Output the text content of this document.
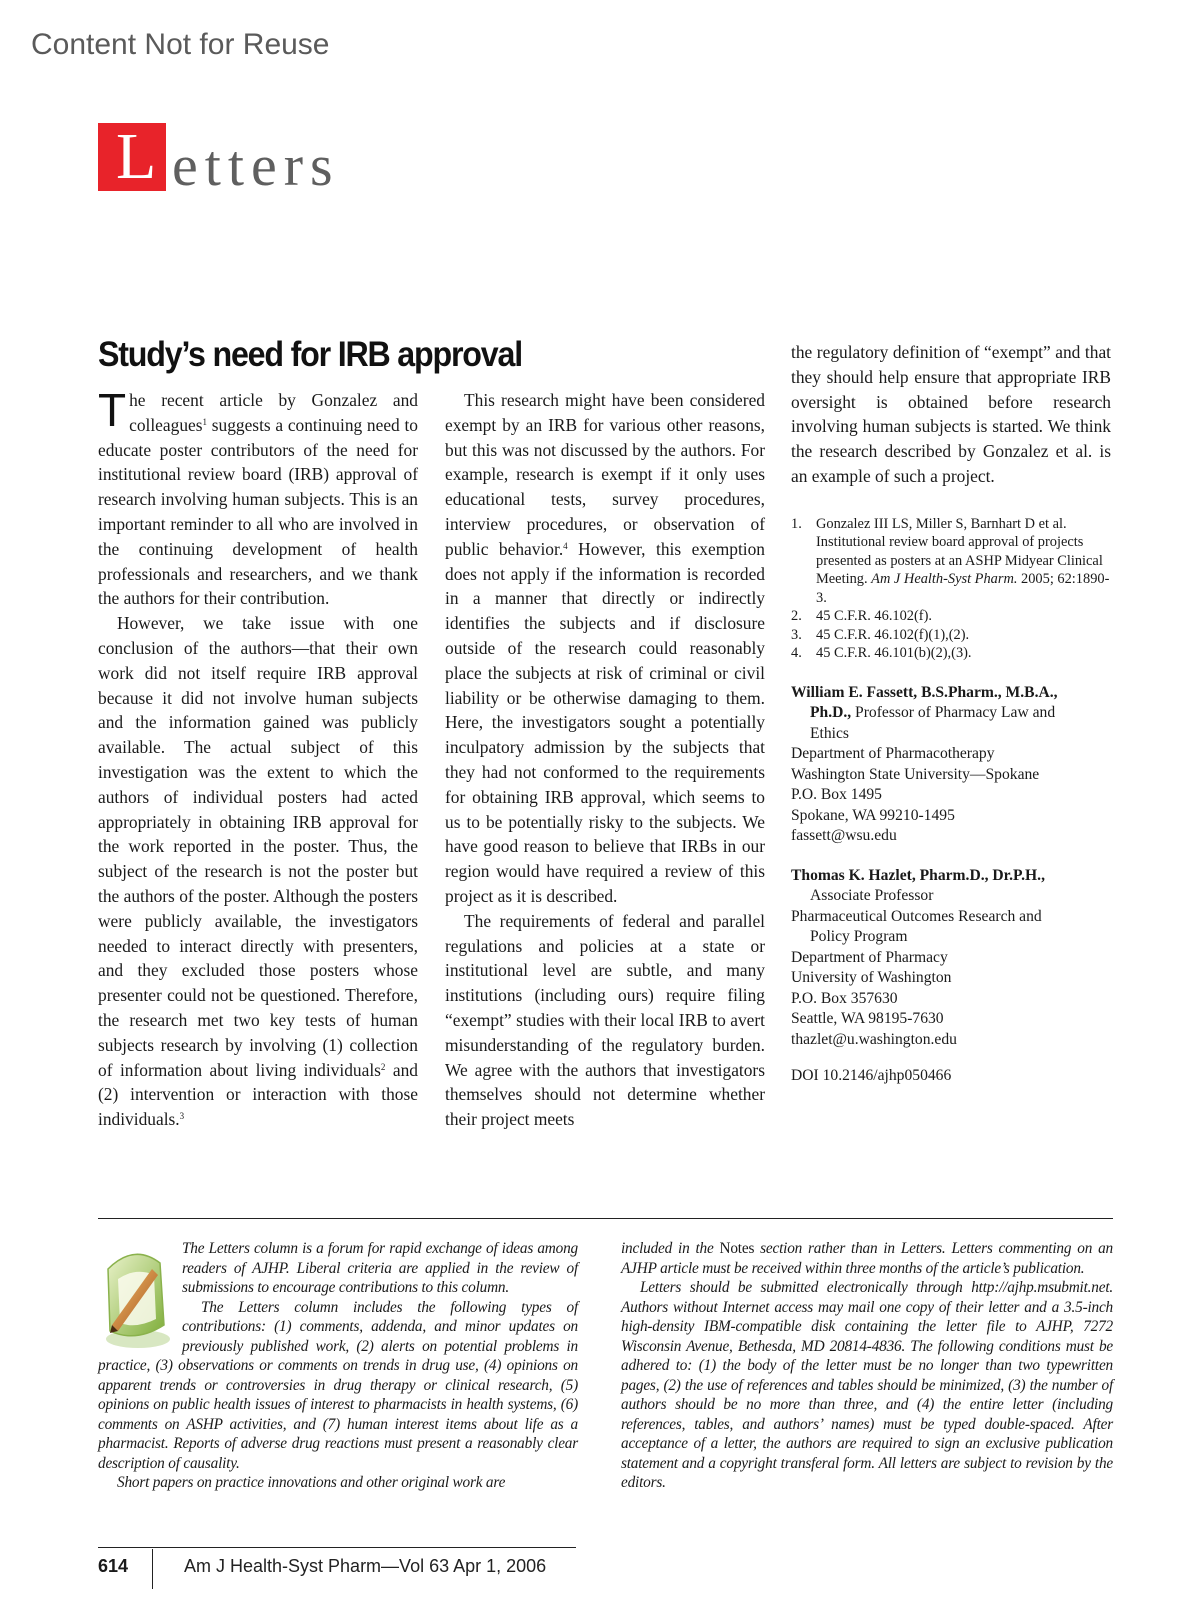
Content Not for Reuse
L etters
Study’s need for IRB approval

The recent article by Gonzalez and colleagues$^1$ suggests a continuing need to educate poster contributors of the need for institutional review board (IRB) approval of research involving human subjects. This is an important reminder to all who are involved in the continuing development of health professionals and researchers, and we thank the authors for their contribution.

However, we take issue with one conclusion of the authors—that their own work did not itself require IRB approval because it did not involve human subjects and the information gained was publicly available. The actual subject of this investigation was the extent to which the authors of individual posters had acted appropriately in obtaining IRB approval for the work reported in the poster. Thus, the subject of the research is not the poster but the authors of the poster. Although the posters were publicly available, the investigators needed to interact directly with presenters, and they excluded those posters whose presenter could not be questioned. Therefore, the research met two key tests of human subjects research by involving (1) collection of information about living individuals$^2$ and (2) intervention or interaction with those individuals.$^3$

This research might have been considered exempt by an IRB for various other reasons, but this was not discussed by the authors. For example, research is exempt if it only uses educational tests, survey procedures, interview procedures, or observation of public behavior.$^4$ However, this exemption does not apply if the information is recorded in a manner that directly or indirectly identifies the subjects and if disclosure outside of the research could reasonably place the subjects at risk of criminal or civil liability or be otherwise damaging to them. Here, the investigators sought a potentially inculpatory admission by the subjects that they had not conformed to the requirements for obtaining IRB approval, which seems to us to be potentially risky to the subjects. We have good reason to believe that IRBs in our region would have required a review of this project as it is described.

The requirements of federal and parallel regulations and policies at a state or institutional level are subtle, and many institutions (including ours) require filing “exempt” studies with their local IRB to avert misunderstanding of the regulatory burden. We agree with the authors that investigators themselves should not determine whether their project meets

the regulatory definition of “exempt” and that they should help ensure that appropriate IRB oversight is obtained before research involving human subjects is started. We think the research described by Gonzalez et al. is an example of such a project.

1. Gonzalez III LS, Miller S, Barnhart D et al. Institutional review board approval of projects presented as posters at an ASHP Midyear Clinical Meeting. Am J Health-Syst Pharm. 2005; 62:1890-3.
2. 45 C.F.R. 46.102(f).
3. 45 C.F.R. 46.102(f)(1),(2).
4. 45 C.F.R. 46.101(b)(2),(3).
William E. Fassett, B.S.Pharm., M.B.A.,
Ph.D., Professor of Pharmacy Law and
Ethics
Department of Pharmacotherapy
Washington State University—Spokane
P.O. Box 1495
Spokane, WA 99210-1495
fassett@wsu.edu
Thomas K. Hazlet, Pharm.D., Dr.P.H.,
Associate Professor
Pharmaceutical Outcomes Research and
Policy Program
Department of Pharmacy
University of Washington
P.O. Box 357630
Seattle, WA 98195-7630
thazlet@u.washington.edu
DOI 10.2146/ajhp050466

The Letters column is a forum for rapid exchange of ideas among readers of AJHP. Liberal criteria are applied in the review of submissions to encourage contributions to this column.

The Letters column includes the following types of contributions: (1) comments, addenda, and minor updates on previously published work, (2) alerts on potential problems in practice, (3) observations or comments on trends in drug use, (4) opinions on apparent trends or controversies in drug therapy or clinical research, (5) opinions on public health issues of interest to pharmacists in health systems, (6) comments on ASHP activities, and (7) human interest items about life as a pharmacist. Reports of adverse drug reactions must present a reasonably clear description of causality.

Short papers on practice innovations and other original work are

included in the Notes section rather than in Letters. Letters commenting on an AJHP article must be received within three months of the article’s publication.

Letters should be submitted electronically through http://ajhp.msubmit.net. Authors without Internet access may mail one copy of their letter and a 3.5-inch high-density IBM-compatible disk containing the letter file to AJHP, 7272 Wisconsin Avenue, Bethesda, MD 20814-4836. The following conditions must be adhered to: (1) the body of the letter must be no longer than two typewritten pages, (2) the use of references and tables should be minimized, (3) the number of authors should be no more than three, and (4) the entire letter (including references, tables, and authors’ names) must be typed double-spaced. After acceptance of a letter, the authors are required to sign an exclusive publication statement and a copyright transferal form. All letters are subject to revision by the editors.

614	Am J Health-Syst Pharm—Vol 63 Apr 1, 2006
